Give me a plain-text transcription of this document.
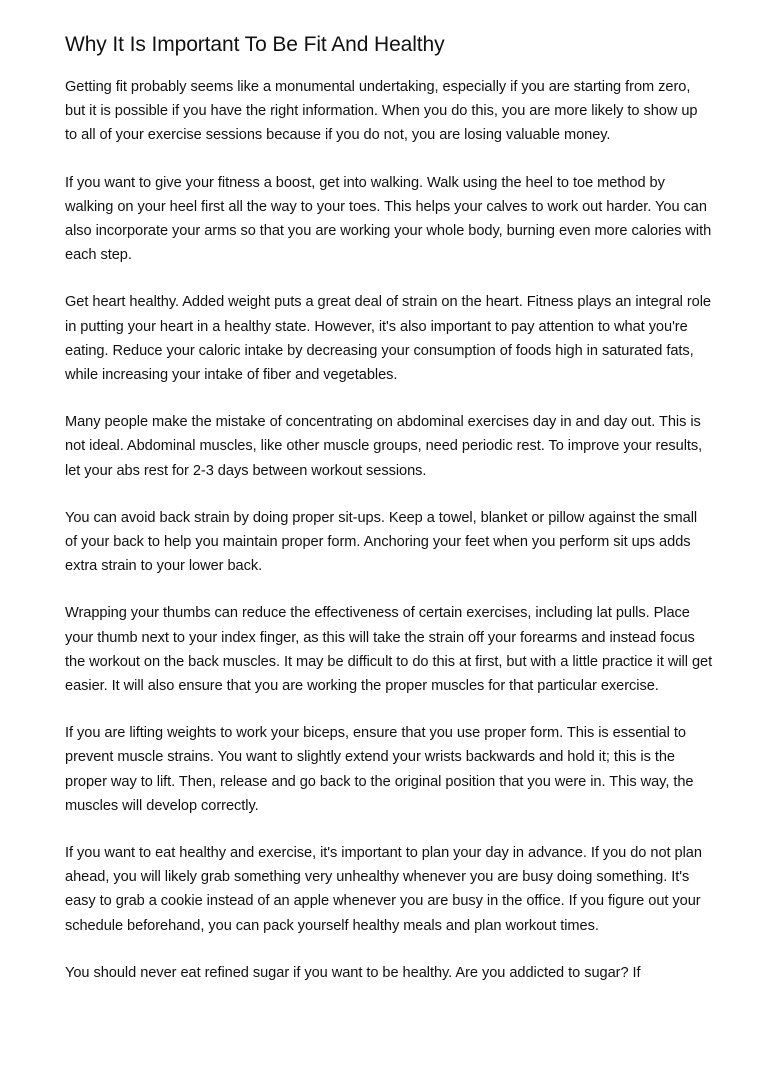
Why It Is Important To Be Fit And Healthy

Getting fit probably seems like a monumental undertaking, especially if you are starting from zero, but it is possible if you have the right information. When you do this, you are more likely to show up to all of your exercise sessions because if you do not, you are losing valuable money.

If you want to give your fitness a boost, get into walking. Walk using the heel to toe method by walking on your heel first all the way to your toes. This helps your calves to work out harder. You can also incorporate your arms so that you are working your whole body, burning even more calories with each step.

Get heart healthy. Added weight puts a great deal of strain on the heart. Fitness plays an integral role in putting your heart in a healthy state. However, it's also important to pay attention to what you're eating. Reduce your caloric intake by decreasing your consumption of foods high in saturated fats, while increasing your intake of fiber and vegetables.

Many people make the mistake of concentrating on abdominal exercises day in and day out. This is not ideal. Abdominal muscles, like other muscle groups, need periodic rest. To improve your results, let your abs rest for 2-3 days between workout sessions.

You can avoid back strain by doing proper sit-ups. Keep a towel, blanket or pillow against the small of your back to help you maintain proper form. Anchoring your feet when you perform sit ups adds extra strain to your lower back.

Wrapping your thumbs can reduce the effectiveness of certain exercises, including lat pulls. Place your thumb next to your index finger, as this will take the strain off your forearms and instead focus the workout on the back muscles. It may be difficult to do this at first, but with a little practice it will get easier. It will also ensure that you are working the proper muscles for that particular exercise.

If you are lifting weights to work your biceps, ensure that you use proper form. This is essential to prevent muscle strains. You want to slightly extend your wrists backwards and hold it; this is the proper way to lift. Then, release and go back to the original position that you were in. This way, the muscles will develop correctly.

If you want to eat healthy and exercise, it's important to plan your day in advance. If you do not plan ahead, you will likely grab something very unhealthy whenever you are busy doing something. It's easy to grab a cookie instead of an apple whenever you are busy in the office. If you figure out your schedule beforehand, you can pack yourself healthy meals and plan workout times.

You should never eat refined sugar if you want to be healthy. Are you addicted to sugar? If
